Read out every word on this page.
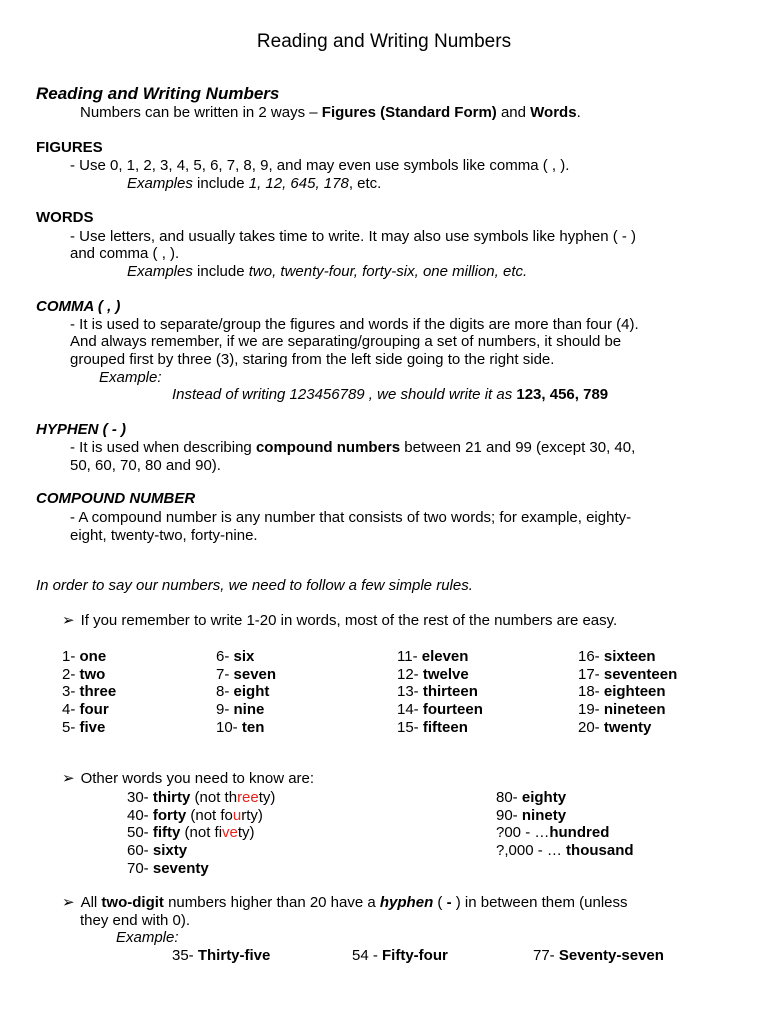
Reading and Writing Numbers
Reading and Writing Numbers
Numbers can be written in 2 ways – Figures (Standard Form) and Words.
FIGURES
- Use 0, 1, 2, 3, 4, 5, 6, 7, 8, 9, and may even use symbols like comma ( , ).
Examples include 1, 12, 645, 178, etc.
WORDS
- Use letters, and usually takes time to write. It may also use symbols like hyphen ( - )
and comma ( , ).
Examples include two, twenty-four, forty-six, one million, etc.
COMMA ( , )
- It is used to separate/group the figures and words if the digits are more than four (4).
And always remember, if we are separating/grouping a set of numbers, it should be
grouped first by three (3), staring from the left side going to the right side.
Example:
Instead of writing 123456789 , we should write it as 123, 456, 789
HYPHEN ( - )
- It is used when describing compound numbers between 21 and 99 (except 30, 40,
50, 60, 70, 80 and 90).
COMPOUND NUMBER
- A compound number is any number that consists of two words; for example, eighty-
eight, twenty-two, forty-nine.
In order to say our numbers, we need to follow a few simple rules.
➢ If you remember to write 1-20 in words, most of the rest of the numbers are easy.
1- one
2- two
3- three
4- four
5- five
6- six
7- seven
8- eight
9- nine
10- ten
11- eleven
12- twelve
13- thirteen
14- fourteen
15- fifteen
16- sixteen
17- seventeen
18- eighteen
19- nineteen
20- twenty
➢ Other words you need to know are:
30- thirty (not threety)
40- forty (not fourty)
50- fifty (not fivety)
60- sixty
70- seventy
80- eighty
90- ninety
?00 - …hundred
?,000 - … thousand
➢ All two-digit numbers higher than 20 have a hyphen ( - ) in between them (unless
they end with 0).
Example:
35- Thirty-five	54 - Fifty-four	77- Seventy-seven
